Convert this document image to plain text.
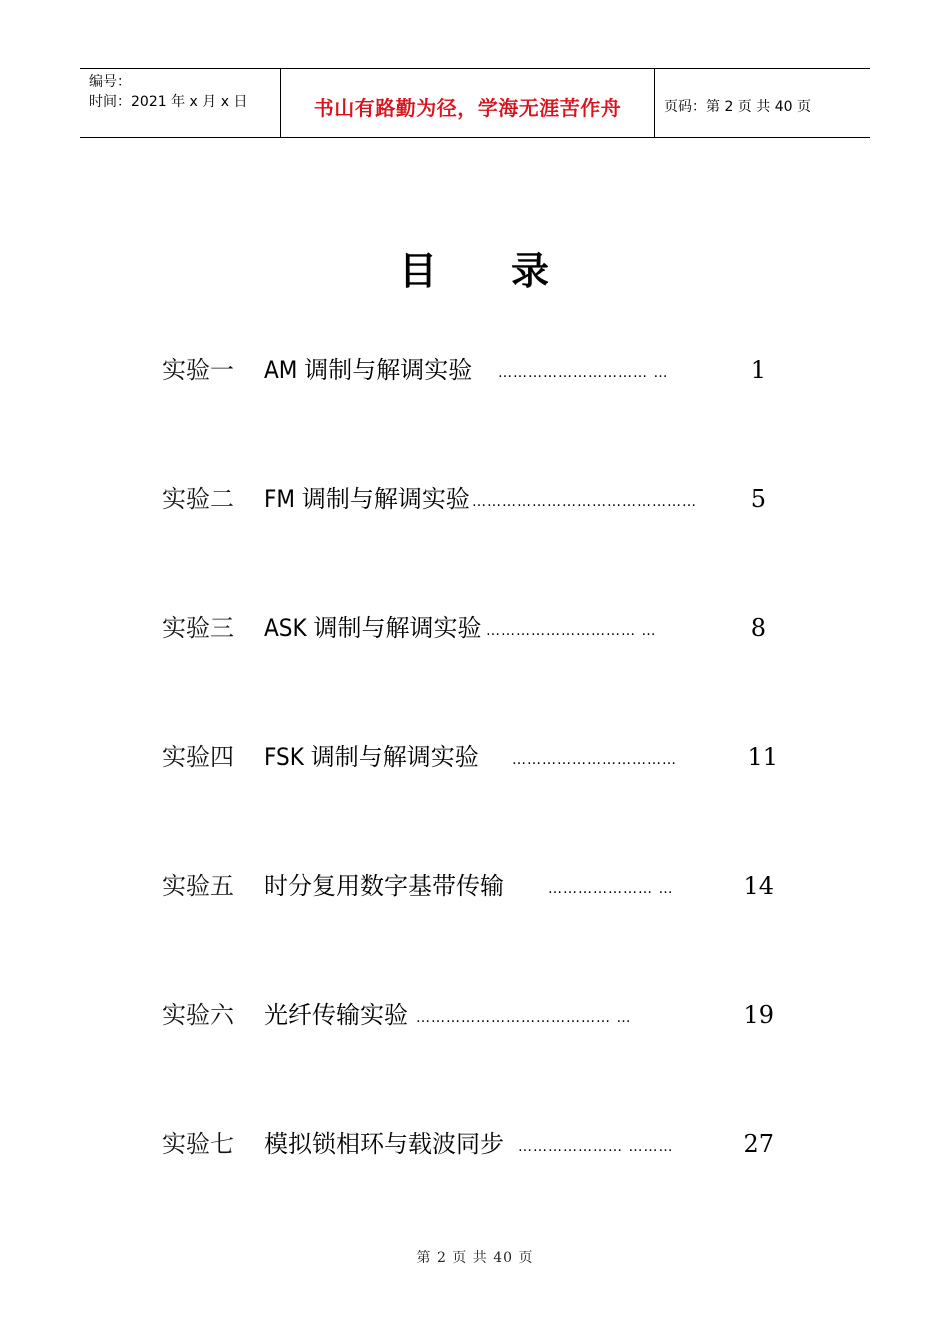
编号：
时间：2021 年 x 月 x 日	书山有路勤为径，学海无涯苦作舟	页码：第 2 页 共 40 页
目 录
实验一 AM 调制与解调实验 ………………………… …	1
实验二 FM 调制与解调实验 ……………………………………… 5
实验三 ASK 调制与解调实验 ………………………… …	8
实验四 FSK 调制与解调实验 ……………………………	11
实验五 时分复用数字基带传输	………………… …	14
实验六 光纤传输实验 ………………………………… …	19
实验七 模拟锁相环与载波同步 ………………… ………	27
第 2 页 共 40 页
